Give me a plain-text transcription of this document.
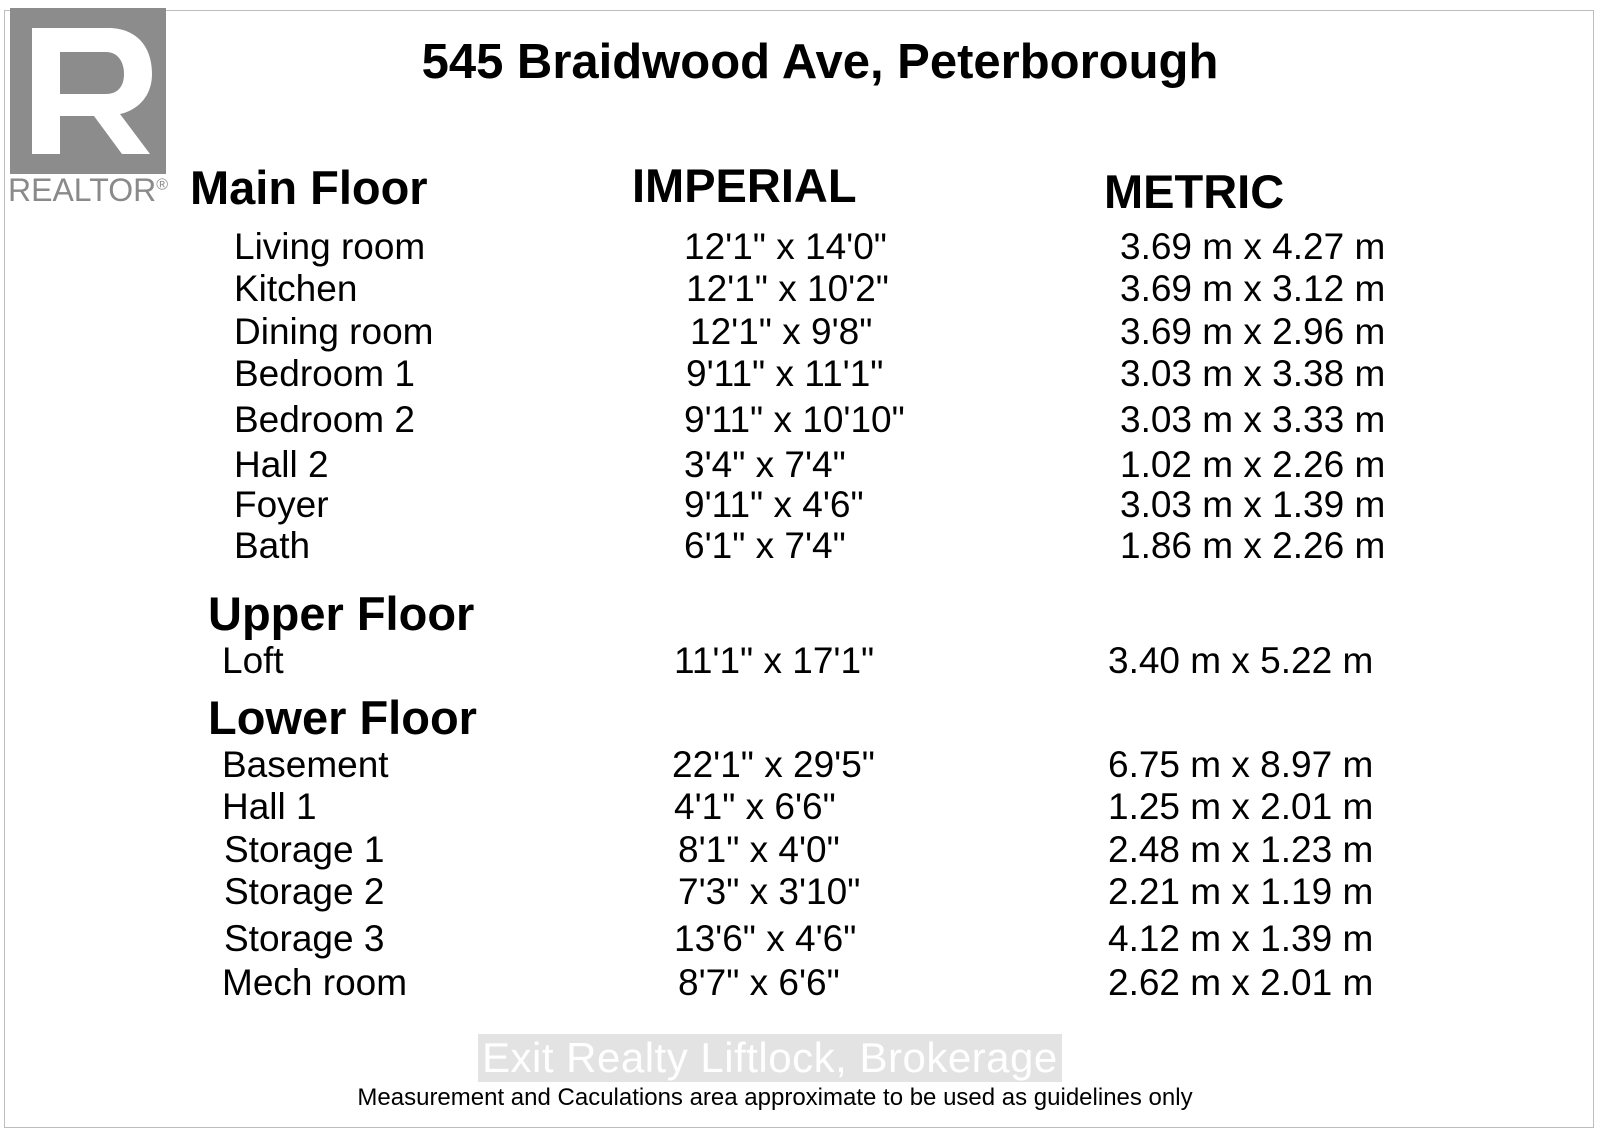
REALTOR®
545 Braidwood Ave, Peterborough
Main Floor	IMPERIAL	METRIC
Living room	12'1" x 14'0"	3.69 m x 4.27 m
Kitchen	12'1" x 10'2"	3.69 m x 3.12 m
Dining room	12'1" x 9'8"	3.69 m x 2.96 m
Bedroom 1	9'11" x 11'1"	3.03 m x 3.38 m
Bedroom 2	9'11" x 10'10"	3.03 m x 3.33 m
Hall 2	3'4" x 7'4"	1.02 m x 2.26 m
Foyer	9'11" x 4'6"	3.03 m x 1.39 m
Bath	6'1" x 7'4"	1.86 m x 2.26 m
Upper Floor
Loft	11'1" x 17'1"	3.40 m x 5.22 m
Lower Floor
Basement	22'1" x 29'5"	6.75 m x 8.97 m
Hall 1	4'1" x 6'6"	1.25 m x 2.01 m
Storage 1	8'1" x 4'0"	2.48 m x 1.23 m
Storage 2	7'3" x 3'10"	2.21 m x 1.19 m
Storage 3	13'6" x 4'6"	4.12 m x 1.39 m
Mech room	8'7" x 6'6"	2.62 m x 2.01 m
Exit Realty Liftlock, Brokerage
Measurement and Caculations area approximate to be used as guidelines only
